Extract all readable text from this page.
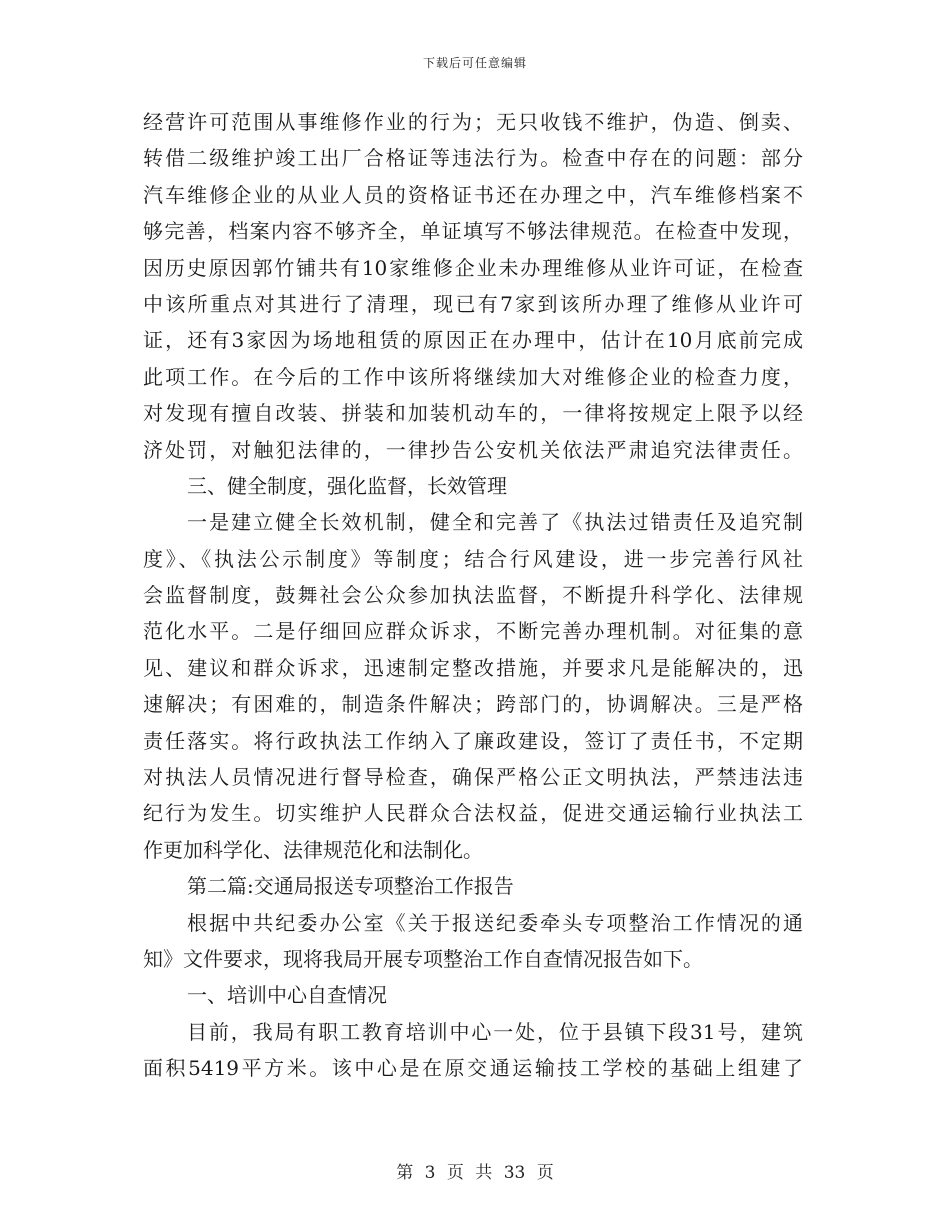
下载后可任意编辑
经营许可范围从事维修作业的行为；无只收钱不维护，伪造、倒卖、
转借二级维护竣工出厂合格证等违法行为。检查中存在的问题：部分
汽车维修企业的从业人员的资格证书还在办理之中，汽车维修档案不
够完善，档案内容不够齐全，单证填写不够法律规范。在检查中发现，
因历史原因郭竹铺共有10家维修企业未办理维修从业许可证，在检查
中该所重点对其进行了清理，现已有7家到该所办理了维修从业许可
证，还有3家因为场地租赁的原因正在办理中，估计在10月底前完成
此项工作。在今后的工作中该所将继续加大对维修企业的检查力度，
对发现有擅自改装、拼装和加装机动车的，一律将按规定上限予以经
济处罚，对触犯法律的，一律抄告公安机关依法严肃追究法律责任。
三、健全制度，强化监督，长效管理
一是建立健全长效机制，健全和完善了《执法过错责任及追究制
度》、《执法公示制度》等制度；结合行风建设，进一步完善行风社
会监督制度，鼓舞社会公众参加执法监督，不断提升科学化、法律规
范化水平。二是仔细回应群众诉求，不断完善办理机制。对征集的意
见、建议和群众诉求，迅速制定整改措施，并要求凡是能解决的，迅
速解决；有困难的，制造条件解决；跨部门的，协调解决。三是严格
责任落实。将行政执法工作纳入了廉政建设，签订了责任书，不定期
对执法人员情况进行督导检查，确保严格公正文明执法，严禁违法违
纪行为发生。切实维护人民群众合法权益，促进交通运输行业执法工
作更加科学化、法律规范化和法制化。
第二篇:交通局报送专项整治工作报告
根据中共纪委办公室《关于报送纪委牵头专项整治工作情况的通
知》文件要求，现将我局开展专项整治工作自查情况报告如下。
一、培训中心自查情况
目前，我局有职工教育培训中心一处，位于县镇下段31号，建筑
面积5419平方米。该中心是在原交通运输技工学校的基础上组建了
第 3 页 共 33 页
